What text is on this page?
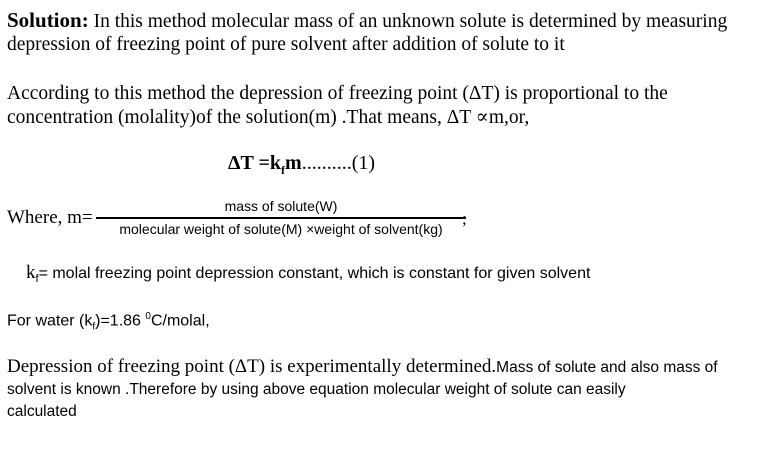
Solution: In this method molecular mass of an unknown solute is determined by measuring
depression of freezing point of pure solvent after addition of solute to it
According to this method the depression of freezing point (ΔT) is proportional to the
concentration (molality)of the solution(m) .That means, ΔT ∝m,or,
$\Delta T =k_fm..........(1)$
Where, m=
mass of solute(W)
molecular weight of solute(M) ×weight of solvent(kg)
;
$k_f=$ molal freezing point depression constant, which is constant for given solvent
For water $(k_f)=1.86$ $^0$C/molal,
Depression of freezing point (ΔT) is experimentally determined.Mass of solute and also mass of
solvent is known .Therefore by using above equation molecular weight of solute can easily
calculated
